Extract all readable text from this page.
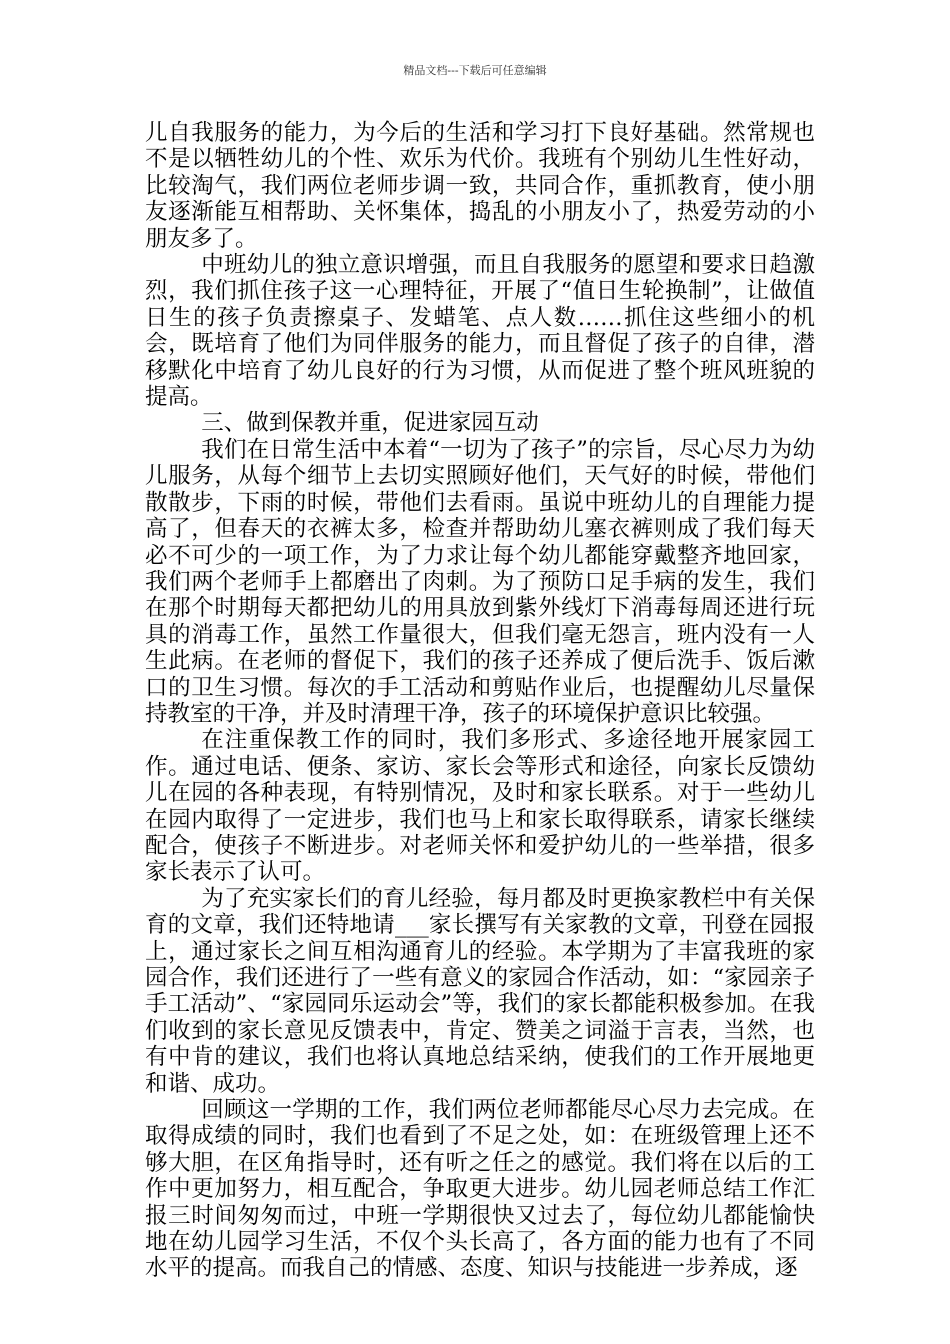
精品文档---下载后可任意编辑

儿自我服务的能力，为今后的生活和学习打下良好基础。然常规也不是以牺牲幼儿的个性、欢乐为代价。我班有个别幼儿生性好动，比较淘气，我们两位老师步调一致，共同合作，重抓教育，使小朋友逐渐能互相帮助、关怀集体，捣乱的小朋友小了，热爱劳动的小朋友多了。

中班幼儿的独立意识增强，而且自我服务的愿望和要求日趋激烈，我们抓住孩子这一心理特征，开展了“值日生轮换制”，让做值日生的孩子负责擦桌子、发蜡笔、点人数……抓住这些细小的机会，既培育了他们为同伴服务的能力，而且督促了孩子的自律，潜移默化中培育了幼儿良好的行为习惯，从而促进了整个班风班貌的提高。

三、做到保教并重，促进家园互动

我们在日常生活中本着“一切为了孩子”的宗旨，尽心尽力为幼儿服务，从每个细节上去切实照顾好他们，天气好的时候，带他们散散步，下雨的时候，带他们去看雨。虽说中班幼儿的自理能力提高了，但春天的衣裤太多，检查并帮助幼儿塞衣裤则成了我们每天必不可少的一项工作，为了力求让每个幼儿都能穿戴整齐地回家，我们两个老师手上都磨出了肉刺。为了预防口足手病的发生，我们在那个时期每天都把幼儿的用具放到紫外线灯下消毒每周还进行玩具的消毒工作，虽然工作量很大，但我们毫无怨言，班内没有一人生此病。在老师的督促下，我们的孩子还养成了便后洗手、饭后漱口的卫生习惯。每次的手工活动和剪贴作业后，也提醒幼儿尽量保持教室的干净，并及时清理干净，孩子的环境保护意识比较强。

在注重保教工作的同时，我们多形式、多途径地开展家园工作。通过电话、便条、家访、家长会等形式和途径，向家长反馈幼儿在园的各种表现，有特别情况，及时和家长联系。对于一些幼儿在园内取得了一定进步，我们也马上和家长取得联系，请家长继续配合，使孩子不断进步。对老师关怀和爱护幼儿的一些举措，很多家长表示了认可。

为了充实家长们的育儿经验，每月都及时更换家教栏中有关保育的文章，我们还特地请___家长撰写有关家教的文章，刊登在园报上，通过家长之间互相沟通育儿的经验。本学期为了丰富我班的家园合作，我们还进行了一些有意义的家园合作活动，如：“家园亲子手工活动”、“家园同乐运动会”等，我们的家长都能积极参加。在我们收到的家长意见反馈表中，肯定、赞美之词溢于言表，当然，也有中肯的建议，我们也将认真地总结采纳，使我们的工作开展地更和谐、成功。

回顾这一学期的工作，我们两位老师都能尽心尽力去完成。在取得成绩的同时，我们也看到了不足之处，如：在班级管理上还不够大胆，在区角指导时，还有听之任之的感觉。我们将在以后的工作中更加努力，相互配合，争取更大进步。幼儿园老师总结工作汇报三时间匆匆而过，中班一学期很快又过去了，每位幼儿都能愉快地在幼儿园学习生活，不仅个头长高了，各方面的能力也有了不同水平的提高。而我自己的情感、态度、知识与技能进一步养成，逐
